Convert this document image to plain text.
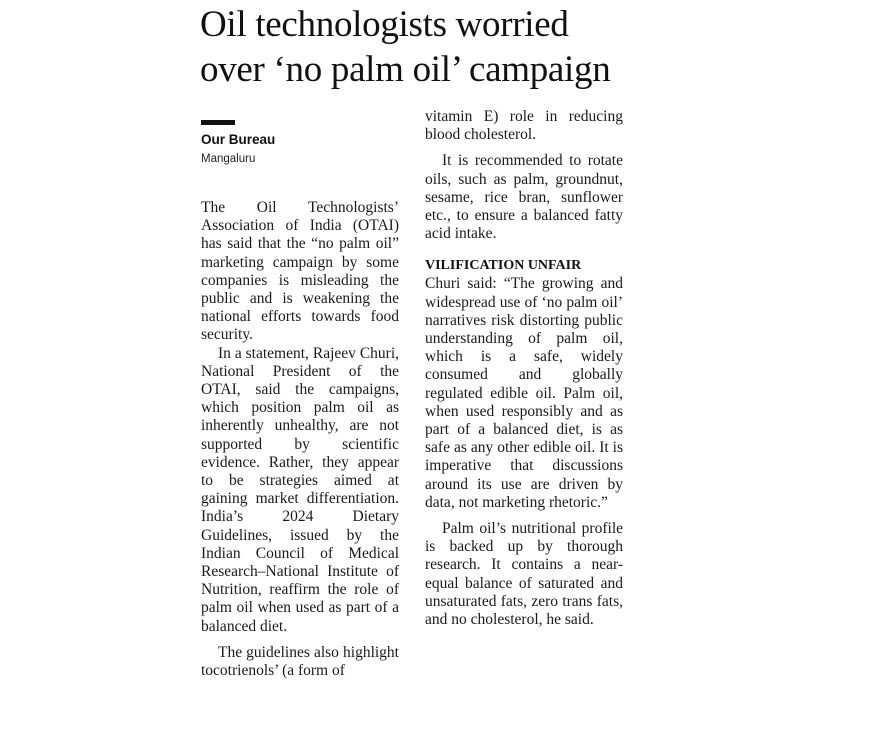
Oil technologists worried
over ‘no palm oil’ campaign

Our Bureau

Mangaluru

The Oil Technologists’ Association of India (OTAI) has said that the “no palm oil” marketing campaign by some companies is misleading the public and is weakening the national efforts towards food security.

In a statement, Rajeev Churi, National President of the OTAI, said the campaigns, which position palm oil as inherently unhealthy, are not supported by scientific evidence. Rather, they appear to be strategies aimed at gaining market differentiation. India’s 2024 Dietary Guidelines, issued by the Indian Council of Medical Research–National Institute of Nutrition, reaffirm the role of palm oil when used as part of a balanced diet.

The guidelines also highlight tocotrienols’ (a form of

vitamin E) role in reducing blood cholesterol.

It is recommended to rotate oils, such as palm, groundnut, sesame, rice bran, sunflower etc., to ensure a balanced fatty acid intake.

VILIFICATION UNFAIR

Churi said: “The growing and widespread use of ‘no palm oil’ narratives risk distorting public understanding of palm oil, which is a safe, widely consumed and globally regulated edible oil. Palm oil, when used responsibly and as part of a balanced diet, is as safe as any other edible oil. It is imperative that discussions around its use are driven by data, not marketing rhetoric.”

Palm oil’s nutritional profile is backed up by thorough research. It contains a near-equal balance of saturated and unsaturated fats, zero trans fats, and no cholesterol, he said.
